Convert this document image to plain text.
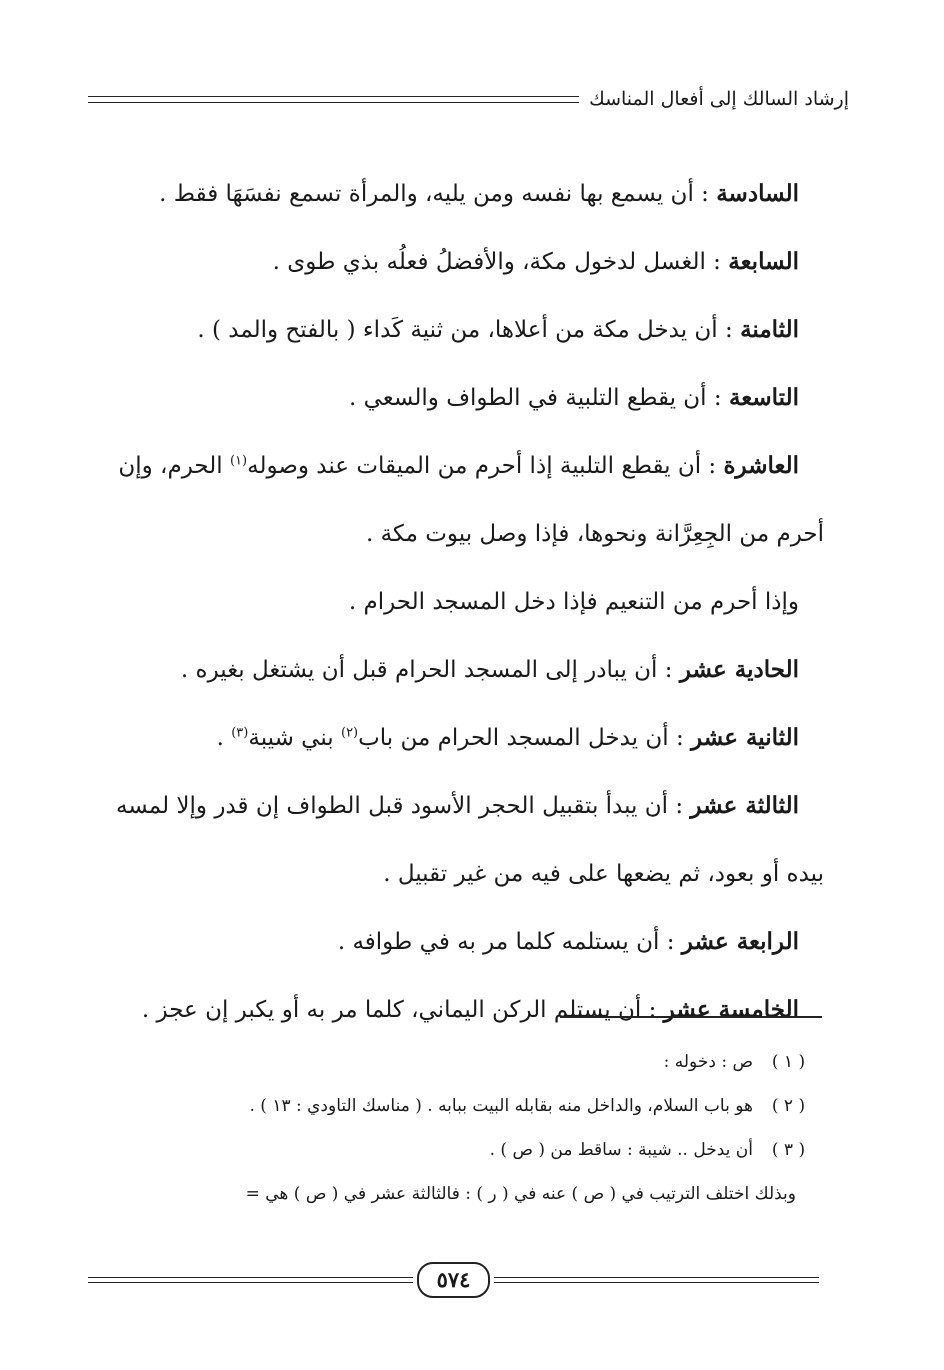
إرشاد السالك إلى أفعال المناسك
السادسة : أن يسمع بها نفسه ومن يليه، والمرأة تسمع نفسَهَا فقط .
السابعة : الغسل لدخول مكة، والأفضلُ فعلُه بذي طوى .
الثامنة : أن يدخل مكة من أعلاها، من ثنية كَداء ( بالفتح والمد ) .
التاسعة : أن يقطع التلبية في الطواف والسعي .
العاشرة : أن يقطع التلبية إذا أحرم من الميقات عند وصوله$^{(١)}$ الحرم، وإن
أحرم من الجِعِرَّانة ونحوها، فإذا وصل بيوت مكة .
وإذا أحرم من التنعيم فإذا دخل المسجد الحرام .
الحادية عشر : أن يبادر إلى المسجد الحرام قبل أن يشتغل بغيره .
الثانية عشر : أن يدخل المسجد الحرام من باب$^{(٢)}$ بني شيبة$^{(٣)}$ .
الثالثة عشر : أن يبدأ بتقبيل الحجر الأسود قبل الطواف إن قدر وإلا لمسه
بيده أو بعود، ثم يضعها على فيه من غير تقبيل .
الرابعة عشر : أن يستلمه كلما مر به في طوافه .
الخامسة عشر : أن يستلم الركن اليماني، كلما مر به أو يكبر إن عجز .
( ١ )
ص : دخوله :
( ٢ )
هو باب السلام، والداخل منه بقابله البيت ببابه . ( مناسك التاودي : ١٣ ) .
( ٣ )
أن يدخل .. شيبة : ساقط من ( ص ) .
وبذلك اختلف الترتيب في ( ص ) عنه في ( ر ) : فالثالثة عشر في ( ص ) هي =
٥٧٤
